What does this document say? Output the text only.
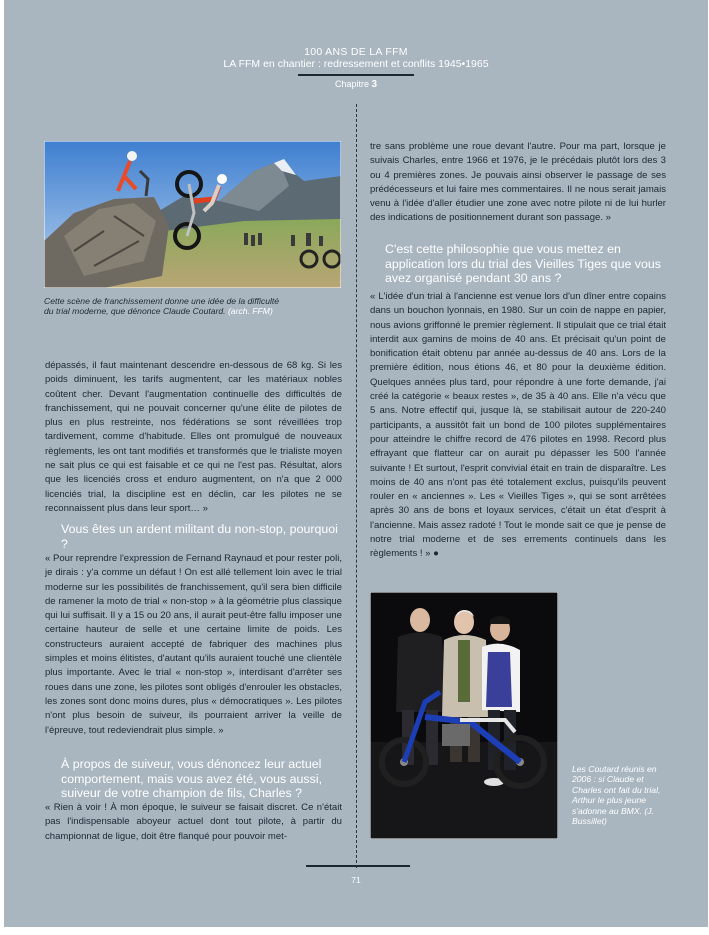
100 ANS DE LA FFM
LA FFM en chantier : redressement et conflits 1945•1965
Chapitre 3
Cette scène de franchissement donne une idée de la difficulté du trial moderne, que dénonce Claude Coutard. (arch. FFM)

dépassés, il faut maintenant descendre en-dessous de 68 kg. Si les poids diminuent, les tarifs augmentent, car les matériaux nobles coûtent cher. Devant l'augmentation continuelle des difficultés de franchissement, qui ne pouvait concerner qu'une élite de pilotes de plus en plus restreinte, nos fédérations se sont réveillées trop tardivement, comme d'habitude. Elles ont promulgué de nouveaux règlements, les ont tant modifiés et transformés que le trialiste moyen ne sait plus ce qui est faisable et ce qui ne l'est pas. Résultat, alors que les licenciés cross et enduro augmentent, on n'a que 2 000 licenciés trial, la discipline est en déclin, car les pilotes ne se reconnaissent plus dans leur sport… »

Vous êtes un ardent militant du non-stop, pourquoi ?

« Pour reprendre l'expression de Fernand Raynaud et pour rester poli, je dirais : y'a comme un défaut ! On est allé tellement loin avec le trial moderne sur les possibilités de franchissement, qu'il sera bien difficile de ramener la moto de trial « non-stop » à la géométrie plus classique qui lui suffisait. Il y a 15 ou 20 ans, il aurait peut-être fallu imposer une certaine hauteur de selle et une certaine limite de poids. Les constructeurs auraient accepté de fabriquer des machines plus simples et moins élitistes, d'autant qu'ils auraient touché une clientèle plus importante. Avec le trial « non-stop », interdisant d'arrêter ses roues dans une zone, les pilotes sont obligés d'enrouler les obstacles, les zones sont donc moins dures, plus « démocratiques ». Les pilotes n'ont plus besoin de suiveur, ils pourraient arriver la veille de l'épreuve, tout redeviendrait plus simple. »

À propos de suiveur, vous dénoncez leur actuel comportement, mais vous avez été, vous aussi, suiveur de votre champion de fils, Charles ?

« Rien à voir ! À mon époque, le suiveur se faisait discret. Ce n'était pas l'indispensable aboyeur actuel dont tout pilote, à partir du championnat de ligue, doit être flanqué pour pouvoir met-

tre sans problème une roue devant l'autre. Pour ma part, lorsque je suivais Charles, entre 1966 et 1976, je le précédais plutôt lors des 3 ou 4 premières zones. Je pouvais ainsi observer le passage de ses prédécesseurs et lui faire mes commentaires. Il ne nous serait jamais venu à l'idée d'aller étudier une zone avec notre pilote ni de lui hurler des indications de positionnement durant son passage. »

C'est cette philosophie que vous mettez en application lors du trial des Vieilles Tiges que vous avez organisé pendant 30 ans ?

« L'idée d'un trial à l'ancienne est venue lors d'un dîner entre copains dans un bouchon lyonnais, en 1980. Sur un coin de nappe en papier, nous avions griffonné le premier règlement. Il stipulait que ce trial était interdit aux gamins de moins de 40 ans. Et précisait qu'un point de bonification était obtenu par année au-dessus de 40 ans. Lors de la première édition, nous étions 46, et 80 pour la deuxième édition. Quelques années plus tard, pour répondre à une forte demande, j'ai créé la catégorie « beaux restes », de 35 à 40 ans. Elle n'a vécu que 5 ans. Notre effectif qui, jusque là, se stabilisait autour de 220-240 participants, a aussitôt fait un bond de 100 pilotes supplémentaires pour atteindre le chiffre record de 476 pilotes en 1998. Record plus effrayant que flatteur car on aurait pu dépasser les 500 l'année suivante ! Et surtout, l'esprit convivial était en train de disparaître. Les moins de 40 ans n'ont pas été totalement exclus, puisqu'ils peuvent rouler en « anciennes ». Les « Vieilles Tiges », qui se sont arrêtées après 30 ans de bons et loyaux services, c'était un état d'esprit à l'ancienne. Mais assez radoté ! Tout le monde sait ce que je pense de notre trial moderne et de ses errements continuels dans les règlements ! » ●

Les Coutard réunis en 2006 : si Claude et Charles ont fait du trial, Arthur le plus jeune s'adonne au BMX. (J. Bussillet)
71
